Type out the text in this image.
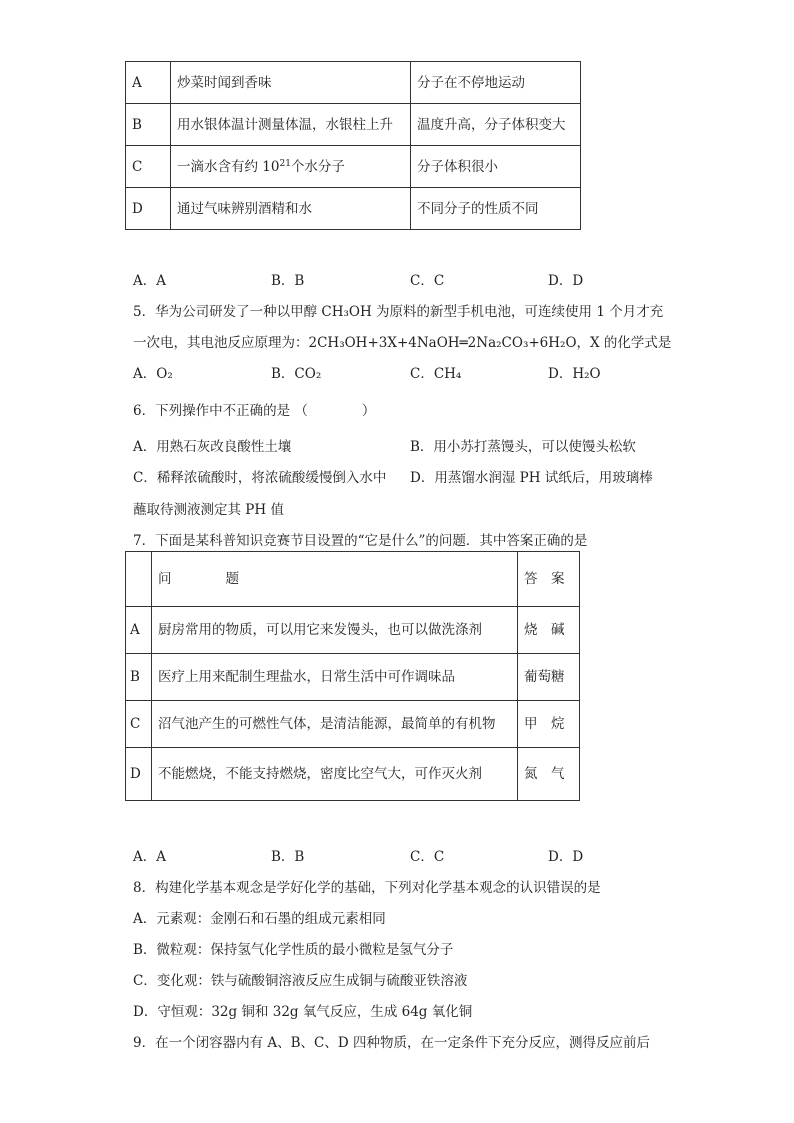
A	炒菜时闻到香味	分子在不停地运动
B	用水银体温计测量体温，水银柱上升	温度升高，分子体积变大
C	一滴水含有约 $10^{21}$个水分子	分子体积很小
D	通过气味辨别酒精和水	不同分子的性质不同
A．A	B．B	C．C	D．D
5．华为公司研发了一种以甲醇 CH₃OH 为原料的新型手机电池，可连续使用 1 个月才充
一次电，其电池反应原理为：2CH₃OH+3X+4NaOH═2Na₂CO₃+6H₂O，X 的化学式是
A．O₂	B．CO₂	C．CH₄	D．H₂O
6．下列操作中不正确的是 （　　　　）
A．用熟石灰改良酸性土壤	B．用小苏打蒸馒头，可以使馒头松软
C．稀释浓硫酸时，将浓硫酸缓慢倒入水中 D．用蒸馏水润湿 PH 试纸后，用玻璃棒
蘸取待测液测定其 PH 值
7．下面是某科普知识竞赛节目设置的“它是什么”的问题．其中答案正确的是
	问　　　　题	答　案
A	厨房常用的物质，可以用它来发馒头，也可以做洗涤剂	烧　碱
B	医疗上用来配制生理盐水，日常生活中可作调味品	葡萄糖
C	沼气池产生的可燃性气体，是清洁能源，最简单的有机物	甲　烷
D	不能燃烧，不能支持燃烧，密度比空气大，可作灭火剂	氮　气
A．A	B．B	C．C	D．D
8．构建化学基本观念是学好化学的基础，下列对化学基本观念的认识错误的是
A．元素观：金刚石和石墨的组成元素相同
B．微粒观：保持氢气化学性质的最小微粒是氢气分子
C．变化观：铁与硫酸铜溶液反应生成铜与硫酸亚铁溶液
D．守恒观：32g 铜和 32g 氧气反应，生成 64g 氧化铜
9．在一个闭容器内有 A、B、C、D 四种物质，在一定条件下充分反应，测得反应前后
